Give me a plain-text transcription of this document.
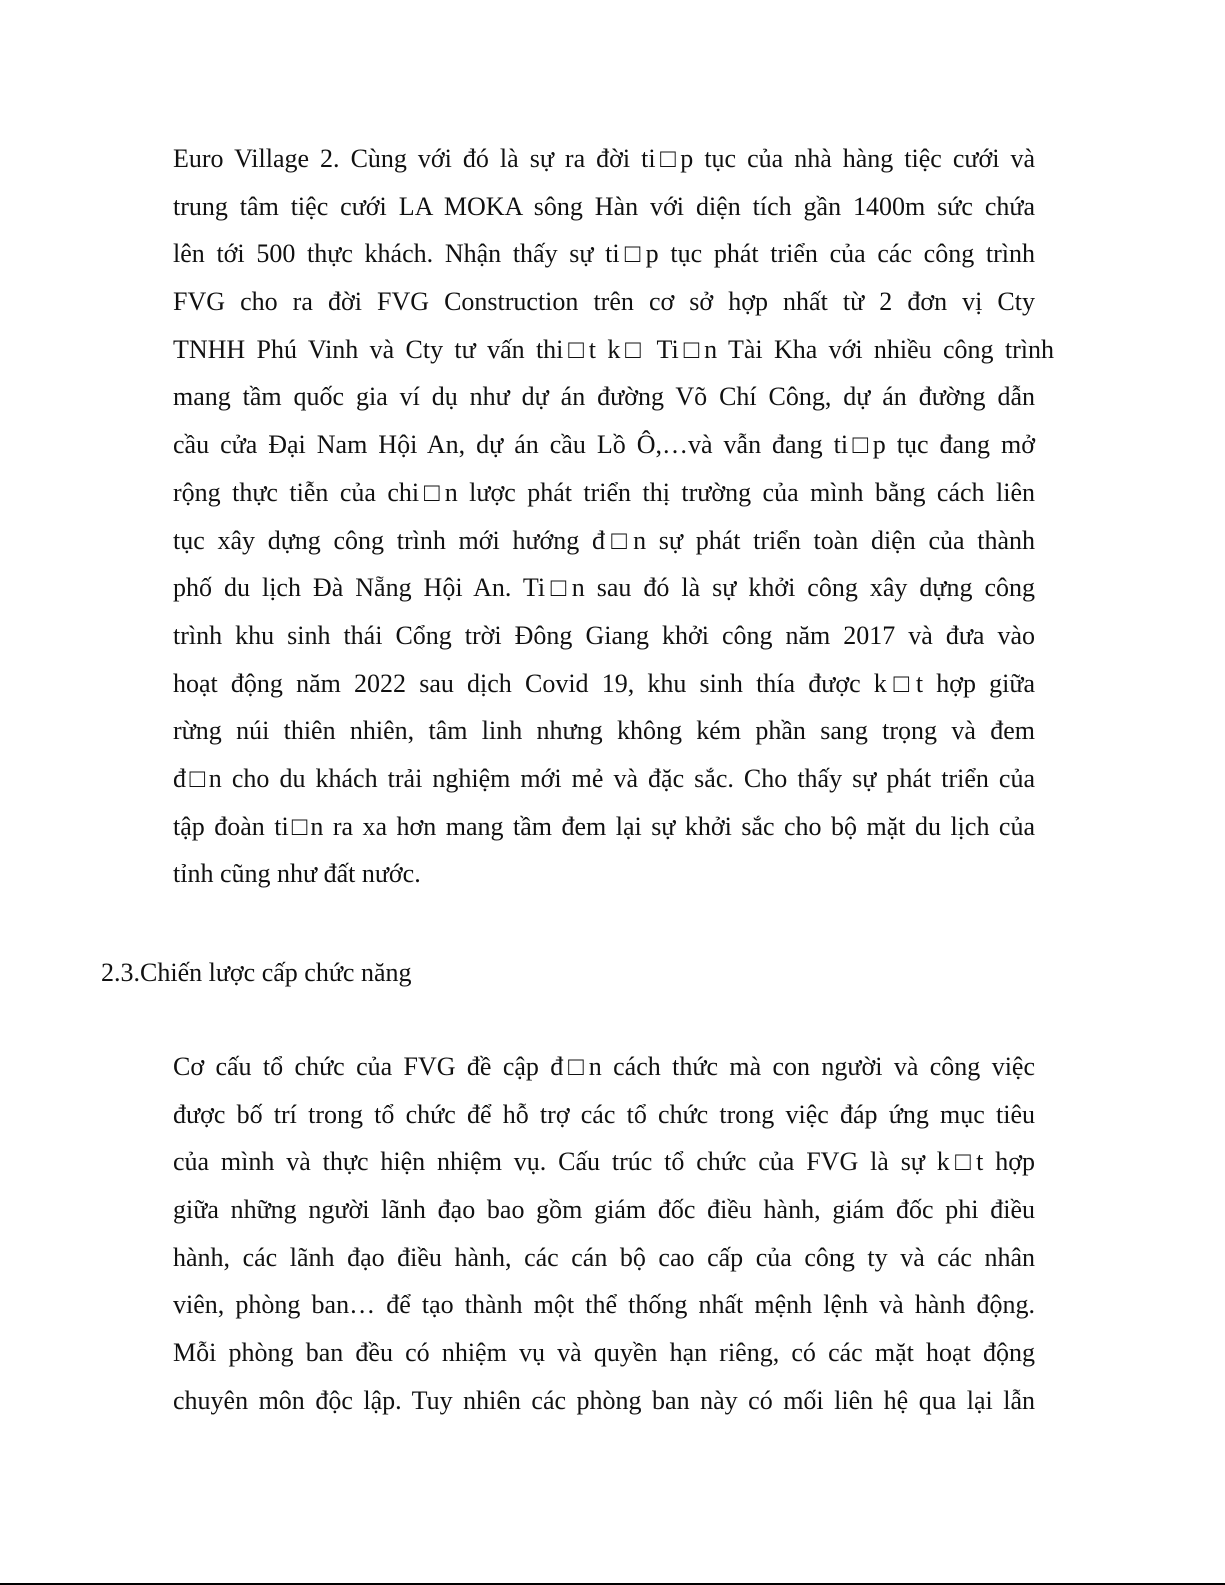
Euro Village 2. Cùng với đó là sự ra đời ti□p tục của nhà hàng tiệc cưới và
trung tâm tiệc cưới LA MOKA sông Hàn với diện tích gần 1400m sức chứa
lên tới 500 thực khách. Nhận thấy sự ti□p tục phát triển của các công trình
FVG cho ra đời FVG Construction trên cơ sở hợp nhất từ 2 đơn vị Cty
TNHH Phú Vinh và Cty tư vấn thi□t k□ Ti□n Tài Kha với nhiều công trình
mang tầm quốc gia ví dụ như dự án đường Võ Chí Công, dự án đường dẫn
cầu cửa Đại Nam Hội An, dự án cầu Lồ Ô,…và vẫn đang ti□p tục đang mở
rộng thực tiễn của chi□n lược phát triển thị trường của mình bằng cách liên
tục xây dựng công trình mới hướng đ□n sự phát triển toàn diện của thành
phố du lịch Đà Nẵng Hội An. Ti□n sau đó là sự khởi công xây dựng công
trình khu sinh thái Cổng trời Đông Giang khởi công năm 2017 và đưa vào
hoạt động năm 2022 sau dịch Covid 19, khu sinh thía được k□t hợp giữa
rừng núi thiên nhiên, tâm linh nhưng không kém phần sang trọng và đem
đ□n cho du khách trải nghiệm mới mẻ và đặc sắc. Cho thấy sự phát triển của
tập đoàn ti□n ra xa hơn mang tầm đem lại sự khởi sắc cho bộ mặt du lịch của
tỉnh cũng như đất nước.
2.3.Chiến lược cấp chức năng
Cơ cấu tổ chức của FVG đề cập đ□n cách thức mà con người và công việc
được bố trí trong tổ chức để hỗ trợ các tổ chức trong việc đáp ứng mục tiêu
của mình và thực hiện nhiệm vụ. Cấu trúc tổ chức của FVG là sự k□t hợp
giữa những người lãnh đạo bao gồm giám đốc điều hành, giám đốc phi điều
hành, các lãnh đạo điều hành, các cán bộ cao cấp của công ty và các nhân
viên, phòng ban… để tạo thành một thể thống nhất mệnh lệnh và hành động.
Mỗi phòng ban đều có nhiệm vụ và quyền hạn riêng, có các mặt hoạt động
chuyên môn độc lập. Tuy nhiên các phòng ban này có mối liên hệ qua lại lẫn
